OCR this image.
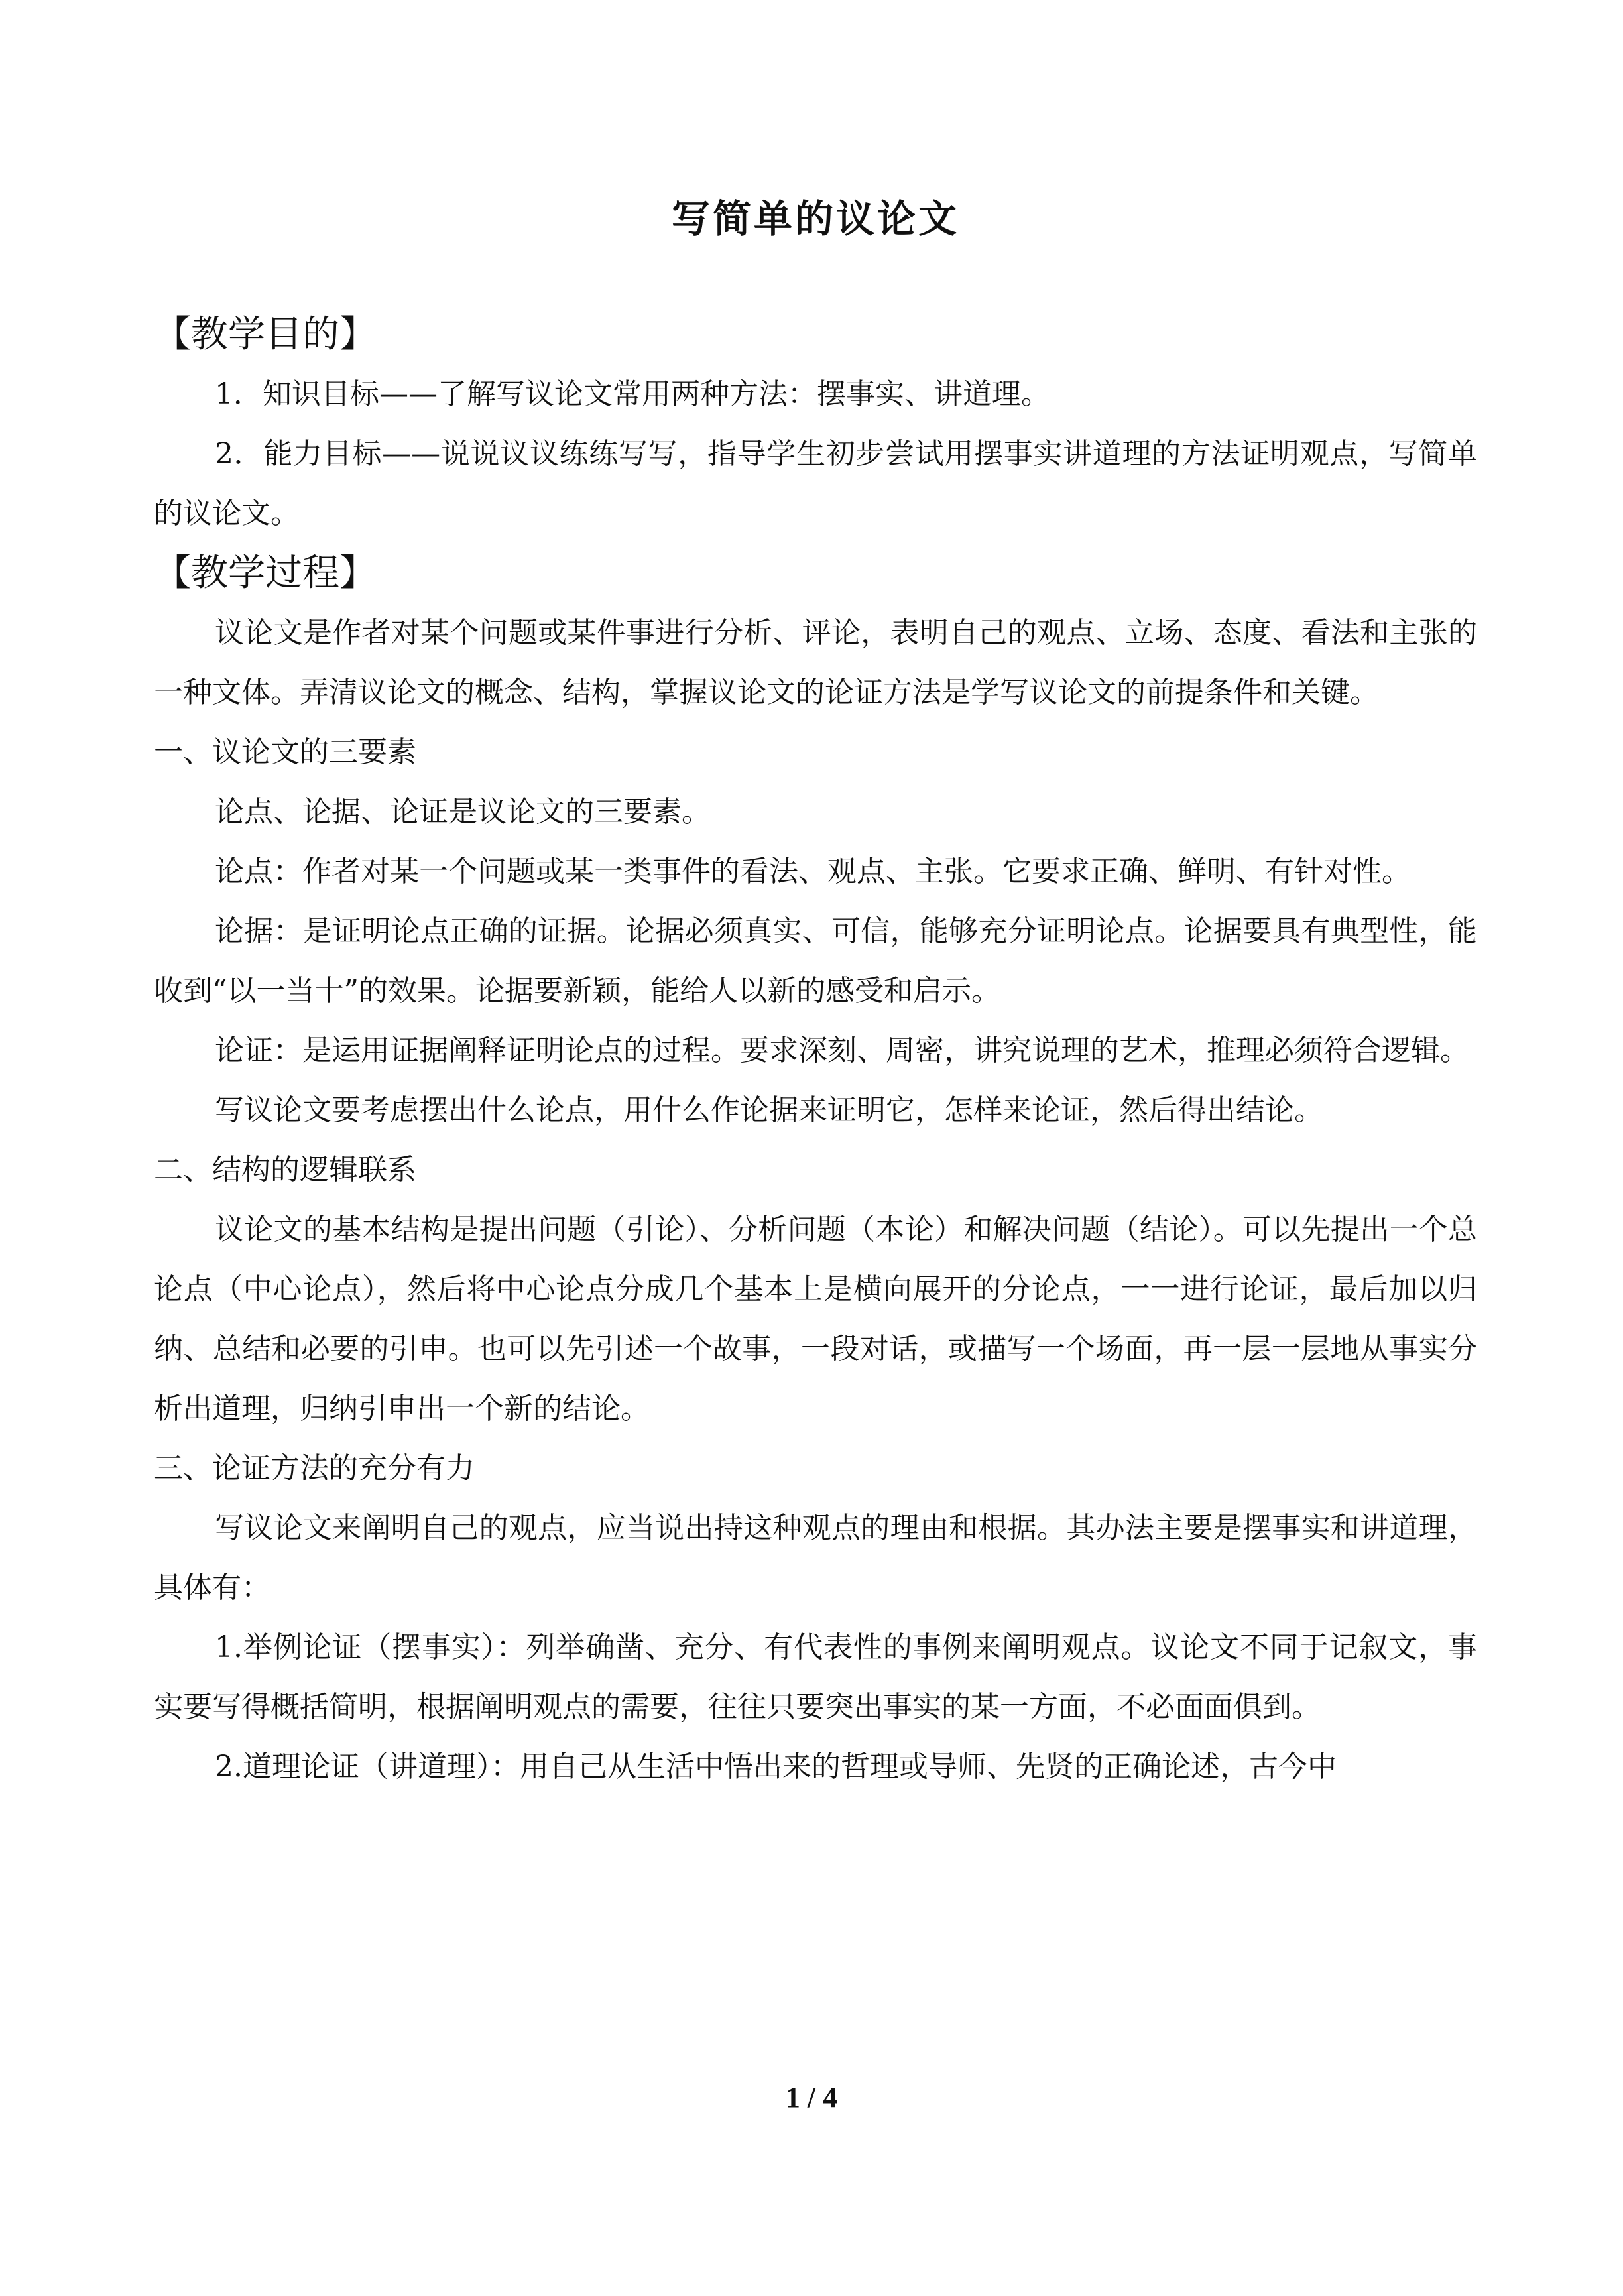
写简单的议论文

【教学目的】

1．知识目标——了解写议论文常用两种方法：摆事实、讲道理。

2．能力目标——说说议议练练写写，指导学生初步尝试用摆事实讲道理的方法证明观点，写简单的议论文。

【教学过程】

议论文是作者对某个问题或某件事进行分析、评论，表明自己的观点、立场、态度、看法和主张的一种文体。弄清议论文的概念、结构，掌握议论文的论证方法是学写议论文的前提条件和关键。

一、议论文的三要素

论点、论据、论证是议论文的三要素。

论点：作者对某一个问题或某一类事件的看法、观点、主张。它要求正确、鲜明、有针对性。

论据：是证明论点正确的证据。论据必须真实、可信，能够充分证明论点。论据要具有典型性，能收到“以一当十”的效果。论据要新颖，能给人以新的感受和启示。

论证：是运用证据阐释证明论点的过程。要求深刻、周密，讲究说理的艺术，推理必须符合逻辑。

写议论文要考虑摆出什么论点，用什么作论据来证明它，怎样来论证，然后得出结论。

二、结构的逻辑联系

议论文的基本结构是提出问题（引论）、分析问题（本论）和解决问题（结论）。可以先提出一个总论点（中心论点），然后将中心论点分成几个基本上是横向展开的分论点，一一进行论证，最后加以归纳、总结和必要的引申。也可以先引述一个故事，一段对话，或描写一个场面，再一层一层地从事实分析出道理，归纳引申出一个新的结论。

三、论证方法的充分有力

写议论文来阐明自己的观点，应当说出持这种观点的理由和根据。其办法主要是摆事实和讲道理，具体有：

1.举例论证（摆事实）：列举确凿、充分、有代表性的事例来阐明观点。议论文不同于记叙文，事实要写得概括简明，根据阐明观点的需要，往往只要突出事实的某一方面，不必面面俱到。

2.道理论证（讲道理）：用自己从生活中悟出来的哲理或导师、先贤的正确论述，古今中

1 / 4
